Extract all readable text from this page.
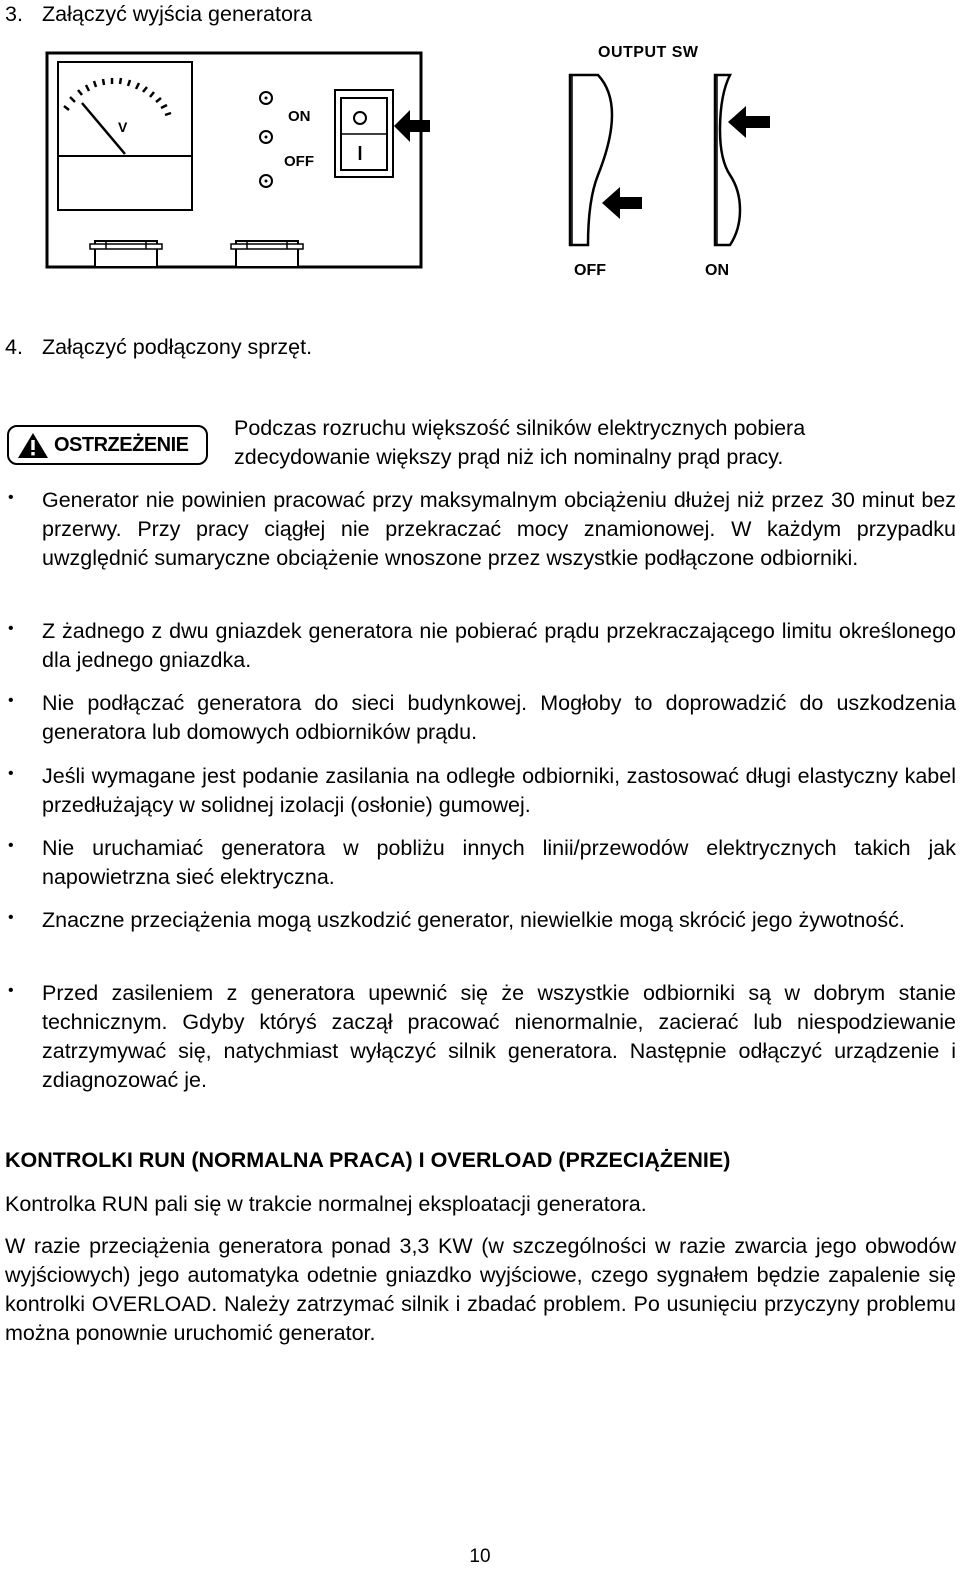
3. Załączyć wyjścia generatora
V
ON
OFF
OUTPUT SW
OFF	ON
4. Załączyć podłączony sprzęt.
OSTRZEŻENIE
Podczas rozruchu większość silników elektrycznych pobiera
zdecydowanie większy prąd niż ich nominalny prąd pracy.
• Generator nie powinien pracować przy maksymalnym obciążeniu dłużej niż przez 30 minut bez przerwy. Przy pracy ciągłej nie przekraczać mocy znamionowej. W każdym przypadku uwzględnić sumaryczne obciążenie wnoszone przez wszystkie podłączone odbiorniki.
• Z żadnego z dwu gniazdek generatora nie pobierać prądu przekraczającego limitu określonego dla jednego gniazdka.
• Nie podłączać generatora do sieci budynkowej. Mogłoby to doprowadzić do uszkodzenia generatora lub domowych odbiorników prądu.
• Jeśli wymagane jest podanie zasilania na odległe odbiorniki, zastosować długi elastyczny kabel przedłużający w solidnej izolacji (osłonie) gumowej.
• Nie uruchamiać generatora w pobliżu innych linii/przewodów elektrycznych takich jak napowietrzna sieć elektryczna.
• Znaczne przeciążenia mogą uszkodzić generator, niewielkie mogą skrócić jego żywotność.
• Przed zasileniem z generatora upewnić się że wszystkie odbiorniki są w dobrym stanie technicznym. Gdyby któryś zaczął pracować nienormalnie, zacierać lub niespodziewanie zatrzymywać się, natychmiast wyłączyć silnik generatora. Następnie odłączyć urządzenie i zdiagnozować je.
KONTROLKI RUN (NORMALNA PRACA) I OVERLOAD (PRZECIĄŻENIE)
Kontrolka RUN pali się w trakcie normalnej eksploatacji generatora.
W razie przeciążenia generatora ponad 3,3 KW (w szczególności w razie zwarcia jego obwodów wyjściowych) jego automatyka odetnie gniazdko wyjściowe, czego sygnałem będzie zapalenie się kontrolki OVERLOAD. Należy zatrzymać silnik i zbadać problem. Po usunięciu przyczyny problemu można ponownie uruchomić generator.
10
